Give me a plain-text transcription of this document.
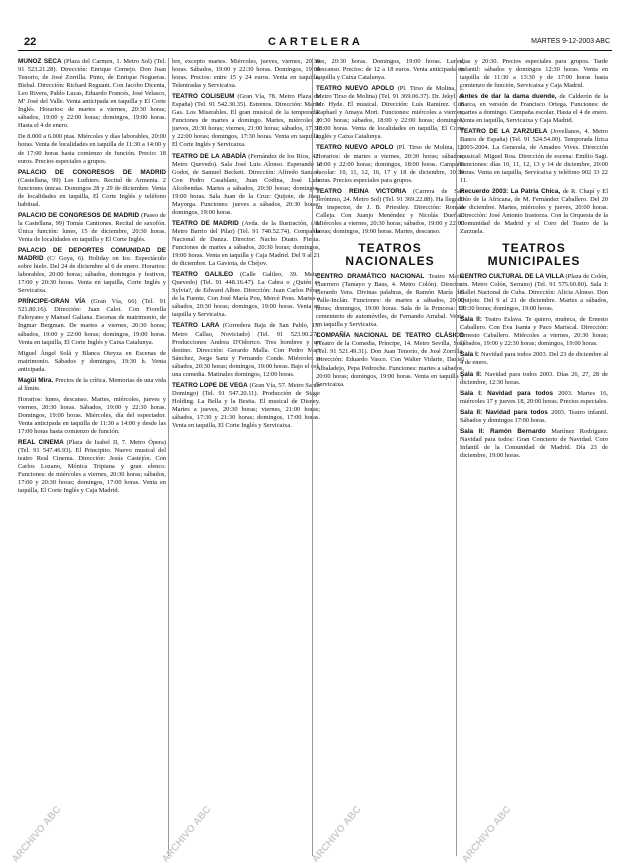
22	CARTELERA	MARTES 9-12-2003 ABC

MUÑOZ SECA (Plaza del Carmen, 1. Metro Sol) (Tel. 91 523.21.28). Dirección: Enrique Cornejo. Don Juan Tenorio, de José Zorrilla. Pinto, de Enrique Nogueras. Bisbal. Dirección: Richard Reguant. Con Jacobo Dicenta, Leo Rivera, Pablo Lucas, Eduardo Francés, José Velasco, Mª José del Valle. Venta anticipada en taquilla y El Corte Inglés. Horarios: de martes a viernes, 20:30 horas; sábados, 19:00 y 22:00 horas; domingos, 19:00 horas. Hasta el 4 de enero.

De 8.000 a 6.000 ptas. Miércoles y días laborables, 20:00 horas. Venta de localidades en taquilla de 11:30 a 14:00 y de 17:00 horas hasta comienzo de función. Precio: 18 euros. Precios especiales a grupos.

PALACIO DE CONGRESOS DE MADRID (Castellana, 99) Les Luthiers. Recital de Armenta. 2 funciones únicas. Domingos 28 y 29 de diciembre. Venta de localidades en taquilla, El Corte Inglés y teléfono habitual.

PALACIO DE CONGRESOS DE MADRID (Paseo de la Castellana, 99) Tomás Cantiones. Recital de saxofón. Única función: lunes, 15 de diciembre, 20:30 horas. Venta de localidades en taquilla y El Corte Inglés.

PALACIO DE DEPORTES COMUNIDAD DE MADRID (C/ Goya, 6). Holiday on Ice. Espectáculo sobre hielo. Del 24 de diciembre al 6 de enero. Horarios: laborables, 20:00 horas; sábados, domingos y festivos, 17:00 y 20:30 horas. Venta en taquilla, Corte Inglés y Servicaixa.

PRÍNCIPE-GRAN VÍA (Gran Vía, 66) (Tel. 91 521.80.16). Dirección: Juan Calot. Con Fiorella Faltoyano y Manuel Galiana. Escenas de matrimonio, de Ingmar Bergman. De martes a viernes, 20:30 horas; sábados, 19:00 y 22:00 horas; domingos, 19:00 horas. Venta en taquilla, El Corte Inglés y Caixa Catalunya.

Miguel Ángel Solá y Blanca Oteyza en Escenas de matrimonio. Sábados y domingos, 19:30 h. Venta anticipada.

Magüi Mira. Precios de la crítica. Memorias de una vida al límite.

Horarios: lunes, descanso. Martes, miércoles, jueves y viernes, 20:30 horas. Sábados, 19:00 y 22:30 horas. Domingos, 19:00 horas. Miércoles, día del espectador. Venta anticipada en taquilla de 11:30 a 14:00 y desde las 17:00 horas hasta comienzo de función.

REAL CINEMA (Plaza de Isabel II, 7. Metro Ópera) (Tel. 91 547.46.93). El Principito. Nuevo musical del teatro Real Cinema. Dirección: Jesús Castejón. Con Carlos Lozano, Mónica Tripiana y gran elenco. Funciones: de miércoles a viernes, 20:30 horas; sábados, 17:00 y 20:30 horas; domingos, 17:00 horas. Venta en taquilla, El Corte Inglés y Caja Madrid.

bre, excepto martes. Miércoles, jueves, viernes, 20:30 horas. Sábados, 19:00 y 22:30 horas. Domingos, 19:00 horas. Precios: entre 15 y 24 euros. Venta en taquilla, Telentradas y Servicaixa.

TEATRO COLISEUM (Gran Vía, 78. Metro Plaza de España) (Tel. 91 542.30.35). Estrenos. Dirección: Mario Gas. Los Miserables. El gran musical de la temporada. Funciones de martes a domingo. Martes, miércoles y jueves, 20:30 horas; viernes, 21:00 horas; sábados, 17:30 y 22:00 horas; domingos, 17:30 horas. Venta en taquilla, El Corte Inglés y Servicaixa.

TEATRO DE LA ABADÍA (Fernández de los Ríos, 42. Metro Quevedo). Sala José Luis Alonso. Esperando a Godot, de Samuel Beckett. Dirección: Alfredo Sanzol. Con Pedro Casablanc, Juan Codina, José Luis Alcobendas. Martes a sábados, 20:30 horas; domingos, 19:00 horas. Sala Juan de la Cruz: Quijote, de Juan Mayorga. Funciones: jueves a sábados, 20:30 horas; domingos, 19:00 horas.

TEATRO DE MADRID (Avda. de la Ilustración, s/n. Metro Barrio del Pilar) (Tel. 91 740.52.74). Compañía Nacional de Danza. Director: Nacho Duato. Fiesta. Funciones de martes a sábados, 20:30 horas; domingos, 19:00 horas. Venta en taquilla y Caja Madrid. Del 9 al 21 de diciembre. La Gaviota, de Chéjov.

TEATRO GALILEO (Calle Galileo, 39. Metro Quevedo) (Tel. 91 448.16.47). La Cabra o ¿Quién es Sylvia?, de Edward Albee. Dirección: Juan Carlos Pérez de la Fuente. Con José María Pou, Mercè Pons. Martes a sábados, 20:30 horas; domingos, 19:00 horas. Venta en taquilla y Servicaixa.

TEATRO LARA (Corredera Baja de San Pablo, 15. Metro Callao, Noviciado) (Tel. 91 523.90.27). Producciones Andrea D'Odorico. Tres hombres y un destino. Dirección: Gerardo Malla. Con Pedro Mari Sánchez, Jorge Sanz y Fernando Conde. Miércoles a sábados, 20:30 horas; domingos, 19:00 horas. Bajo el sol, una comedia. Matinales domingos, 12:00 horas.

TEATRO LOPE DE VEGA (Gran Vía, 57. Metro Santo Domingo) (Tel. 91 547.20.11). Producción de Stage Holding. La Bella y la Bestia. El musical de Disney. Martes a jueves, 20:30 horas; viernes, 21:00 horas; sábados, 17:30 y 21:30 horas; domingos, 17:00 horas. Venta en taquilla, El Corte Inglés y Servicaixa.

nes, 20:30 horas. Domingos, 19:00 horas. Lunes, descanso. Precios: de 12 a 18 euros. Venta anticipada en taquilla y Caixa Catalunya.

TEATRO NUEVO APOLO (Pl. Tirso de Molina, 1. Metro Tirso de Molina) (Tel. 91 369.06.37). Dr. Jekyll & Mr. Hyde. El musical. Dirección: Luis Ramírez. Con Raphael y Amaya Mori. Funciones: miércoles a viernes, 20:30 horas; sábados, 18:00 y 22:00 horas; domingos, 18:00 horas. Venta de localidades en taquilla, El Corte Inglés y Caixa Catalunya.

TEATRO NUEVO APOLO (Pl. Tirso de Molina, 1). Horarios: de martes a viernes, 20:30 horas; sábados, 18:00 y 22:00 horas; domingos, 18:00 horas. Campaña escolar: 10, 11, 12, 16, 17 y 18 de diciembre, 10:30 horas. Precios especiales para grupos.

TEATRO REINA VICTORIA (Carrera de San Jerónimo, 24. Metro Sol) (Tel. 91 369.22.88). Ha llegado un inspector, de J. B. Priestley. Dirección: Román Calleja. Con Juanjo Menéndez y Nicolás Dueñas. Miércoles a viernes, 20:30 horas; sábados, 19:00 y 22:00 horas; domingos, 19:00 horas. Martes, descanso.

TEATROS NACIONALES

CENTRO DRAMÁTICO NACIONAL Teatro María Guerrero (Tamayo y Baus, 4. Metro Colón). Director: Gerardo Vera. Divinas palabras, de Ramón María del Valle-Inclán. Funciones: de martes a sábados, 20:00 horas; domingos, 19:00 horas. Sala de la Princesa: El cementerio de automóviles, de Fernando Arrabal. Venta en taquilla y Servicaixa.

COMPAÑÍA NACIONAL DE TEATRO CLÁSICO (Teatro de la Comedia, Príncipe, 14. Metro Sevilla, Sol) (Tel. 91 521.49.31). Don Juan Tenorio, de José Zorrilla. Dirección: Eduardo Vasco. Con Walter Vidarte, Daniel Albaladejo, Pepa Pedroche. Funciones: martes a sábados, 20:00 horas; domingos, 19:00 horas. Venta en taquilla y Servicaixa.

dias y 20:30. Precios especiales para grupos. Tarde infantil: sábados y domingos 12:30 horas. Venta en taquilla de 11:30 a 13:30 y de 17:00 horas hasta comienzo de función, Servicaixa y Caja Madrid.

Antes de dar la dama duende, de Calderón de la Barca, en versión de Francisco Ortega. Funciones: de martes a domingo. Campaña escolar. Hasta el 4 de enero. Venta en taquilla, Servicaixa y Caja Madrid.

TEATRO DE LA ZARZUELA (Jovellanos, 4. Metro Banco de España) (Tel. 91 524.54.00). Temporada lírica 2003-2004. La Generala, de Amadeo Vives. Dirección musical: Miguel Roa. Dirección de escena: Emilio Sagi. Funciones: días 10, 11, 12, 13 y 14 de diciembre, 20:00 horas. Venta en taquilla, Servicaixa y teléfono 902 33 22 11.

Recuerdo 2003: La Patria Chica, de R. Chapí y El Dúo de la Africana, de M. Fernández Caballero. Del 20 de diciembre. Martes, miércoles y jueves, 20:00 horas. Dirección: José Antonio Irastorza. Con la Orquesta de la Comunidad de Madrid y el Coro del Teatro de la Zarzuela.

TEATROS MUNICIPALES

CENTRO CULTURAL DE LA VILLA (Plaza de Colón, s/n. Metro Colón, Serrano) (Tel. 91 575.60.80). Sala I: Ballet Nacional de Cuba. Dirección: Alicia Alonso. Don Quijote. Del 9 al 21 de diciembre. Martes a sábados, 20:30 horas; domingos, 19:00 horas.

Sala II: Teatro Eslava. Te quiero, muñeca, de Ernesto Caballero. Con Eva Isanta y Paco Mariscal. Dirección: Ernesto Caballero. Miércoles a viernes, 20:30 horas; sábados, 19:00 y 22:30 horas; domingos, 19:00 horas.

Sala I: Navidad para todos 2003. Del 23 de diciembre al 4 de enero.

Sala II: Navidad para todos 2003. Días 26, 27, 28 de diciembre, 12:30 horas.

Sala I: Navidad para todos 2003. Martes 16, miércoles 17 y jueves 18, 20:00 horas. Precios especiales.

Sala II: Navidad para todos 2003. Teatro infantil. Sábados y domingos 17:00 horas.

Sala II: Ramón Bernardo Martínez Rodríguez. Navidad para todos: Gran Concierto de Navidad. Coro Infantil de la Comunidad de Madrid. Día 23 de diciembre, 19:00 horas.

ARCHIVO ABC	ARCHIVO ABC	ARCHIVO ABC	ARCHIVO ABC
